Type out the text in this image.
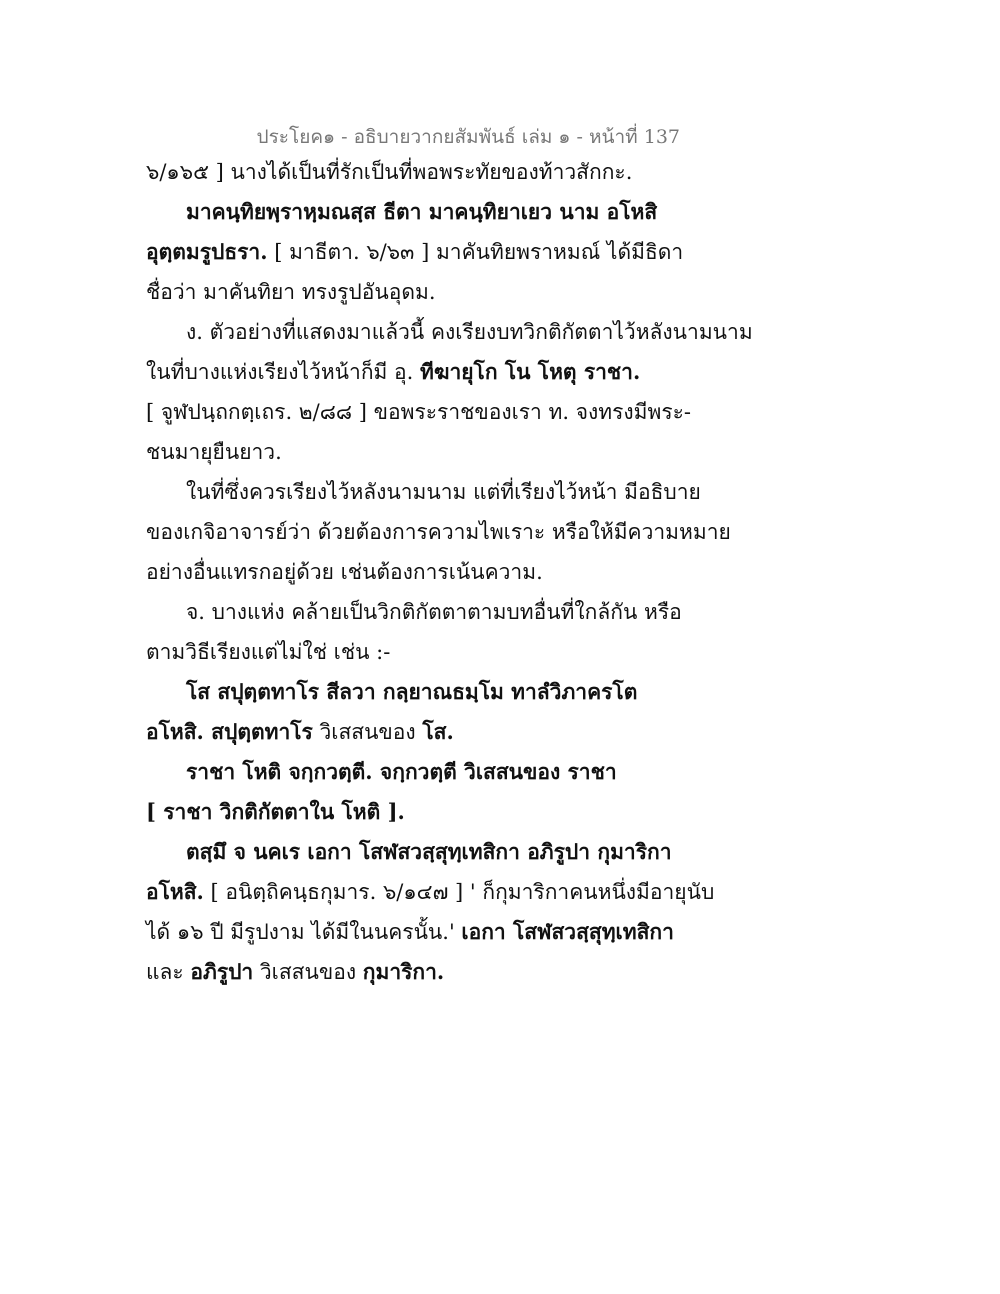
ประโยค๑ - อธิบายวากยสัมพันธ์ เล่ม ๑ - หน้าที่ 137
๖/๑๖๕ ] นางได้เป็นที่รักเป็นที่พอพระทัยของท้าวสักกะ.
มาคนฺทิยพฺราหฺมณสฺส ธีตา มาคนฺทิยาเยว นาม อโหสิ
อุตฺตมรูปธรา. [ มาธีตา. ๖/๖๓ ] มาคันทิยพราหมณ์ ได้มีธิดา
ชื่อว่า มาคันทิยา ทรงรูปอันอุดม.
ง. ตัวอย่างที่แสดงมาแล้วนี้ คงเรียงบทวิกติกัตตาไว้หลังนามนาม
ในที่บางแห่งเรียงไว้หน้าก็มี อุ. ทีฆายุโก โน โหตุ ราชา.
[ จูฬปนฺถกตฺเถร. ๒/๘๘ ] ขอพระราชของเรา ท. จงทรงมีพระ-
ชนมายุยืนยาว.
ในที่ซึ่งควรเรียงไว้หลังนามนาม แต่ที่เรียงไว้หน้า มีอธิบาย
ของเกจิอาจารย์ว่า ด้วยต้องการความไพเราะ หรือให้มีความหมาย
อย่างอื่นแทรกอยู่ด้วย เช่นต้องการเน้นความ.
จ. บางแห่ง คล้ายเป็นวิกติกัตตาตามบทอื่นที่ใกล้กัน หรือ
ตามวิธีเรียงแต่ไม่ใช่ เช่น :-
โส สปุตฺตทาโร สีลวา กลฺยาณธมฺโม ทาลํวิภาครโต
อโหสิ. สปุตฺตทาโร วิเสสนของ โส.
ราชา โหติ จกฺกวตฺตี. จกฺกวตฺตี วิเสสนของ ราชา
[ ราชา วิกติกัตตาใน โหติ ].
ตสฺมึ จ นคเร เอกา โสฬสวสฺสุทฺเทสิกา อภิรูปา กุมาริกา
อโหสิ. [ อนิตฺถิคนฺธกุมาร. ๖/๑๔๗ ] ' ก็กุมาริกาคนหนึ่งมีอายุนับ
ได้ ๑๖ ปี มีรูปงาม ได้มีในนครนั้น.' เอกา โสฬสวสฺสุทฺเทสิกา
และ อภิรูปา วิเสสนของ กุมาริกา.
